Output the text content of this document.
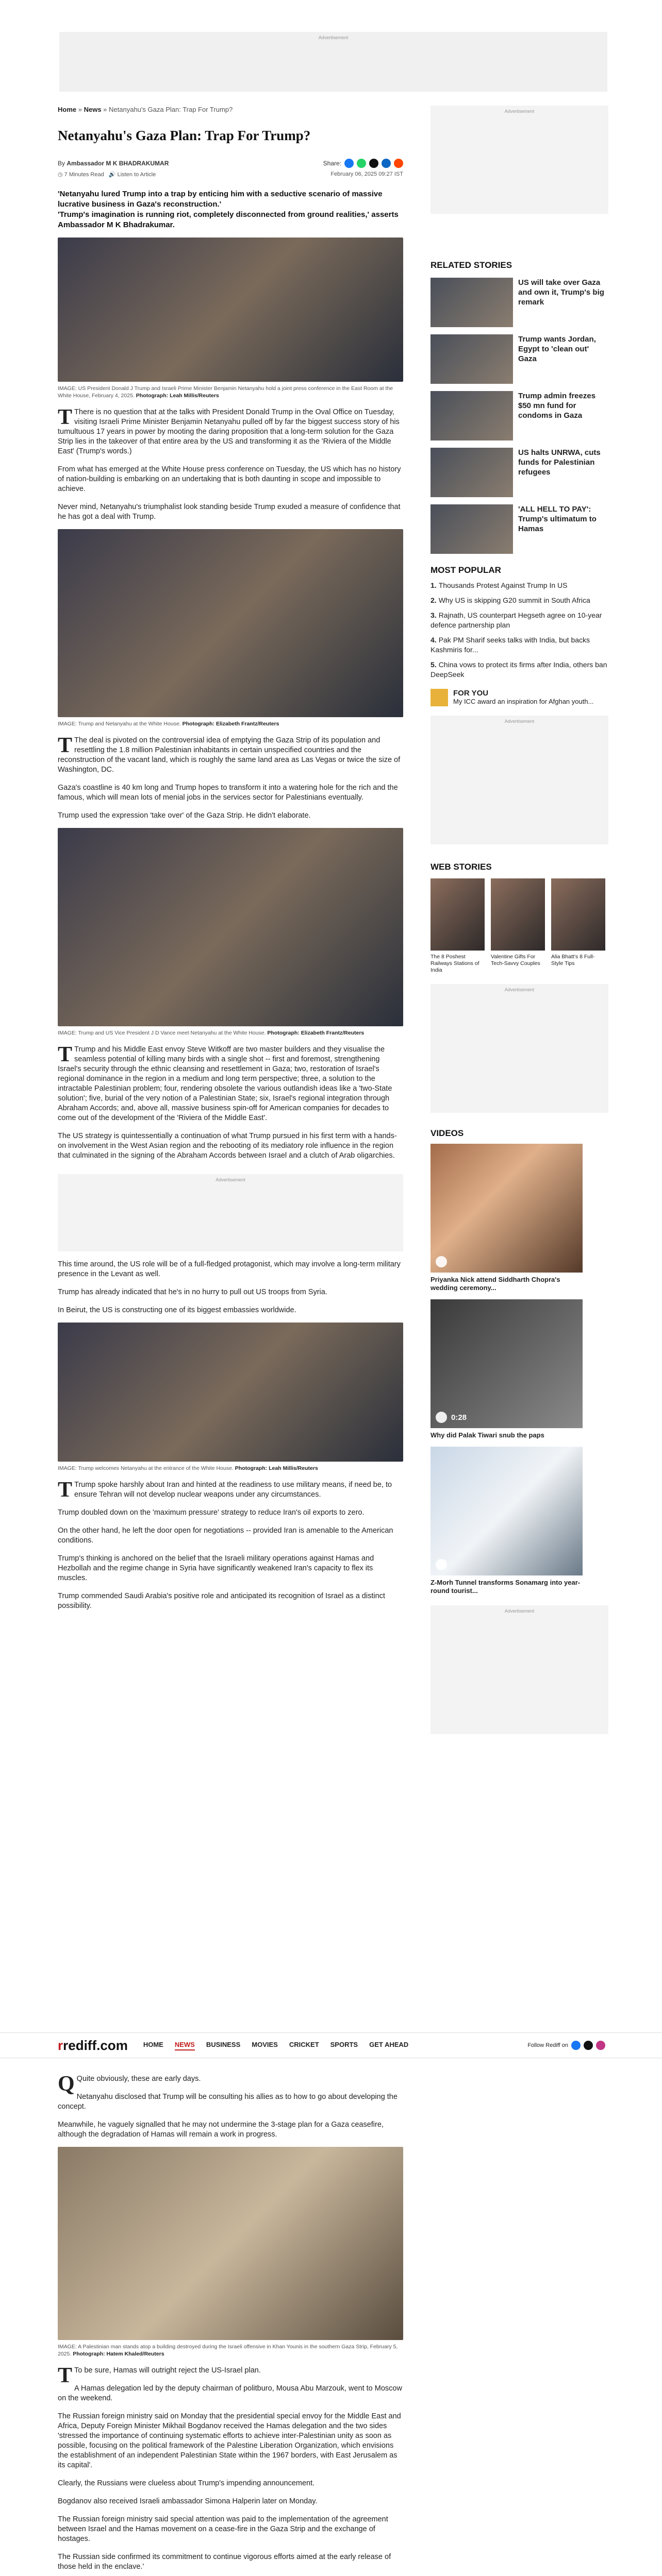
Advertisement
Home » News » Netanyahu's Gaza Plan: Trap For Trump?
Netanyahu's Gaza Plan: Trap For Trump?
By Ambassador M K BHADRAKUMAR	Share:
◷ 7 Minutes Read   🔊 Listen to Article	February 06, 2025 09:27 IST
'Netanyahu lured Trump into a trap by enticing him with a seductive scenario of massive lucrative business in Gaza's reconstruction.'
'Trump's imagination is running riot, completely disconnected from ground realities,' asserts Ambassador M K Bhadrakumar.
IMAGE: US President Donald J Trump and Israeli Prime Minister Benjamin Netanyahu hold a joint press conference in the East Room at the White House, February 4, 2025. Photograph: Leah Millis/Reuters

T There is no question that at the talks with President Donald Trump in the Oval Office on Tuesday, visiting Israeli Prime Minister Benjamin Netanyahu pulled off by far the biggest success story of his tumultuous 17 years in power by mooting the daring proposition that a long-term solution for the Gaza Strip lies in the takeover of that entire area by the US and transforming it as the 'Riviera of the Middle East' (Trump's words.)

From what has emerged at the White House press conference on Tuesday, the US which has no history of nation-building is embarking on an undertaking that is both daunting in scope and impossible to achieve.

Never mind, Netanyahu's triumphalist look standing beside Trump exuded a measure of confidence that he has got a deal with Trump.

IMAGE: Trump and Netanyahu at the White House. Photograph: Elizabeth Frantz/Reuters

T The deal is pivoted on the controversial idea of emptying the Gaza Strip of its population and resettling the 1.8 million Palestinian inhabitants in certain unspecified countries and the reconstruction of the vacant land, which is roughly the same land area as Las Vegas or twice the size of Washington, DC.

Gaza's coastline is 40 km long and Trump hopes to transform it into a watering hole for the rich and the famous, which will mean lots of menial jobs in the services sector for Palestinians eventually.

Trump used the expression 'take over' of the Gaza Strip. He didn't elaborate.

IMAGE: Trump and US Vice President J D Vance meet Netanyahu at the White House. Photograph: Elizabeth Frantz/Reuters

T Trump and his Middle East envoy Steve Witkoff are two master builders and they visualise the seamless potential of killing many birds with a single shot -- first and foremost, strengthening Israel's security through the ethnic cleansing and resettlement in Gaza; two, restoration of Israel's regional dominance in the region in a medium and long term perspective; three, a solution to the intractable Palestinian problem; four, rendering obsolete the various outlandish ideas like a 'two-State solution'; five, burial of the very notion of a Palestinian State; six, Israel's regional integration through Abraham Accords; and, above all, massive business spin-off for American companies for decades to come out of the development of the 'Riviera of the Middle East'.

The US strategy is quintessentially a continuation of what Trump pursued in his first term with a hands-on involvement in the West Asian region and the rebooting of its mediatory role influence in the region that culminated in the signing of the Abraham Accords between Israel and a clutch of Arab oligarchies.

Advertisement

This time around, the US role will be of a full-fledged protagonist, which may involve a long-term military presence in the Levant as well.

Trump has already indicated that he's in no hurry to pull out US troops from Syria.

In Beirut, the US is constructing one of its biggest embassies worldwide.

IMAGE: Trump welcomes Netanyahu at the entrance of the White House. Photograph: Leah Millis/Reuters

T Trump spoke harshly about Iran and hinted at the readiness to use military means, if need be, to ensure Tehran will not develop nuclear weapons under any circumstances.

Trump doubled down on the 'maximum pressure' strategy to reduce Iran's oil exports to zero.

On the other hand, he left the door open for negotiations -- provided Iran is amenable to the American conditions.

Trump's thinking is anchored on the belief that the Israeli military operations against Hamas and Hezbollah and the regime change in Syria have significantly weakened Iran's capacity to flex its muscles.

Trump commended Saudi Arabia's positive role and anticipated its recognition of Israel as a distinct possibility.

Advertisement
RELATED STORIES
US will take over Gaza and own it, Trump's big remark
Trump wants Jordan, Egypt to 'clean out' Gaza
Trump admin freezes $50 mn fund for condoms in Gaza
US halts UNRWA, cuts funds for Palestinian refugees
'ALL HELL TO PAY': Trump's ultimatum to Hamas
MOST POPULAR
1. Thousands Protest Against Trump In US
2. Why US is skipping G20 summit in South Africa
3. Rajnath, US counterpart Hegseth agree on 10-year defence partnership plan
4. Pak PM Sharif seeks talks with India, but backs Kashmiris for...
5. China vows to protect its firms after India, others ban DeepSeek
FOR YOU
My ICC award an inspiration for Afghan youth...
Advertisement
WEB STORIES
The 8 Poshest Railways Stations of India
Valentine Gifts For Tech-Savvy Couples
Alia Bhatt's 8 Full-Style Tips
Advertisement
VIDEOS
Priyanka Nick attend Siddharth Chopra's wedding ceremony...
0:28
Why did Palak Tiwari snub the paps
Z-Morh Tunnel transforms Sonamarg into year-round tourist...
Advertisement
rrediff.com HOME NEWS BUSINESS MOVIES CRICKET SPORTS GET AHEAD	Follow Rediff on

Q Quite obviously, these are early days.

Netanyahu disclosed that Trump will be consulting his allies as to how to go about developing the concept.

Meanwhile, he vaguely signalled that he may not undermine the 3-stage plan for a Gaza ceasefire, although the degradation of Hamas will remain a work in progress.

IMAGE: A Palestinian man stands atop a building destroyed during the Israeli offensive in Khan Younis in the southern Gaza Strip, February 5, 2025. Photograph: Hatem Khaled/Reuters

T To be sure, Hamas will outright reject the US-Israel plan.

A Hamas delegation led by the deputy chairman of politburo, Mousa Abu Marzouk, went to Moscow on the weekend.

The Russian foreign ministry said on Monday that the presidential special envoy for the Middle East and Africa, Deputy Foreign Minister Mikhail Bogdanov received the Hamas delegation and the two sides 'stressed the importance of continuing systematic efforts to achieve inter-Palestinian unity as soon as possible, focusing on the political framework of the Palestine Liberation Organization, which envisions the establishment of an independent Palestinian State within the 1967 borders, with East Jerusalem as its capital'.

Clearly, the Russians were clueless about Trump's impending announcement.

Bogdanov also received Israeli ambassador Simona Halperin later on Monday.

The Russian foreign ministry said special attention was paid to the implementation of the agreement between Israel and the Hamas movement on a cease-fire in the Gaza Strip and the exchange of hostages.

The Russian side confirmed its commitment to continue vigorous efforts aimed at the early release of those held in the enclave.'
